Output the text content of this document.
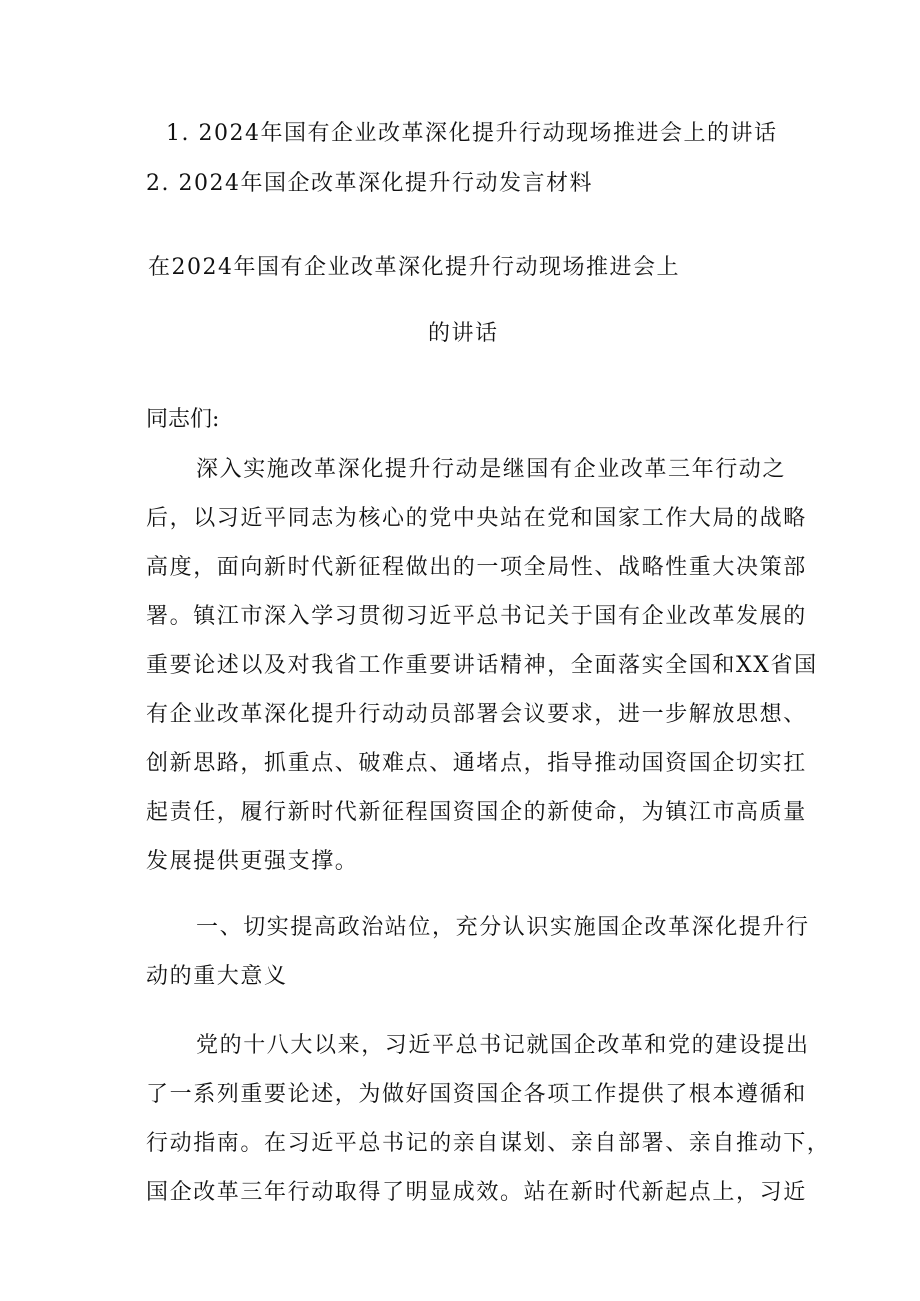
1. 2024年国有企业改革深化提升行动现场推进会上的讲话
2. 2024年国企改革深化提升行动发言材料
在2024年国有企业改革深化提升行动现场推进会上
的讲话
同志们:
深入实施改革深化提升行动是继国有企业改革三年行动之
后，以习近平同志为核心的党中央站在党和国家工作大局的战略
高度，面向新时代新征程做出的一项全局性、战略性重大决策部
署。镇江市深入学习贯彻习近平总书记关于国有企业改革发展的
重要论述以及对我省工作重要讲话精神，全面落实全国和XX省国
有企业改革深化提升行动动员部署会议要求，进一步解放思想、
创新思路，抓重点、破难点、通堵点，指导推动国资国企切实扛
起责任，履行新时代新征程国资国企的新使命，为镇江市高质量
发展提供更强支撑。
一、切实提高政治站位，充分认识实施国企改革深化提升行
动的重大意义
党的十八大以来，习近平总书记就国企改革和党的建设提出
了一系列重要论述，为做好国资国企各项工作提供了根本遵循和
行动指南。在习近平总书记的亲自谋划、亲自部署、亲自推动下，
国企改革三年行动取得了明显成效。站在新时代新起点上，习近
